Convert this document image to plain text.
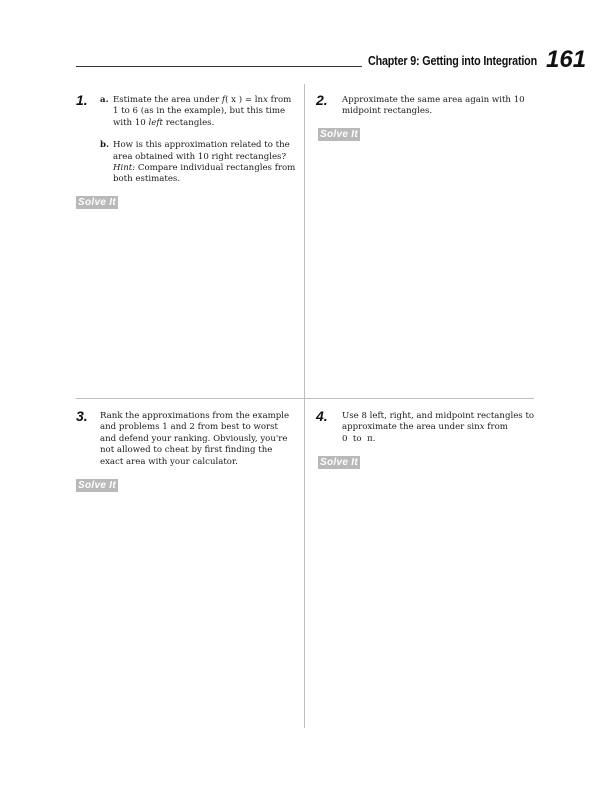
Chapter 9: Getting into Integration 161
1. a. Estimate the area under f( x ) = lnx from 1 to 6 (as in the example), but this time with 10 left rectangles.

b. How is this approximation related to the area obtained with 10 right rectangles? Hint: Compare individual rectangles from both estimates.

Solve It
2. Approximate the same area again with 10 midpoint rectangles.
Solve It
3. Rank the approximations from the example and problems 1 and 2 from best to worst and defend your ranking. Obviously, you're not allowed to cheat by first finding the exact area with your calculator.
Solve It
4. Use 8 left, right, and midpoint rectangles to approximate the area under sinx from
0  to  π.
Solve It
